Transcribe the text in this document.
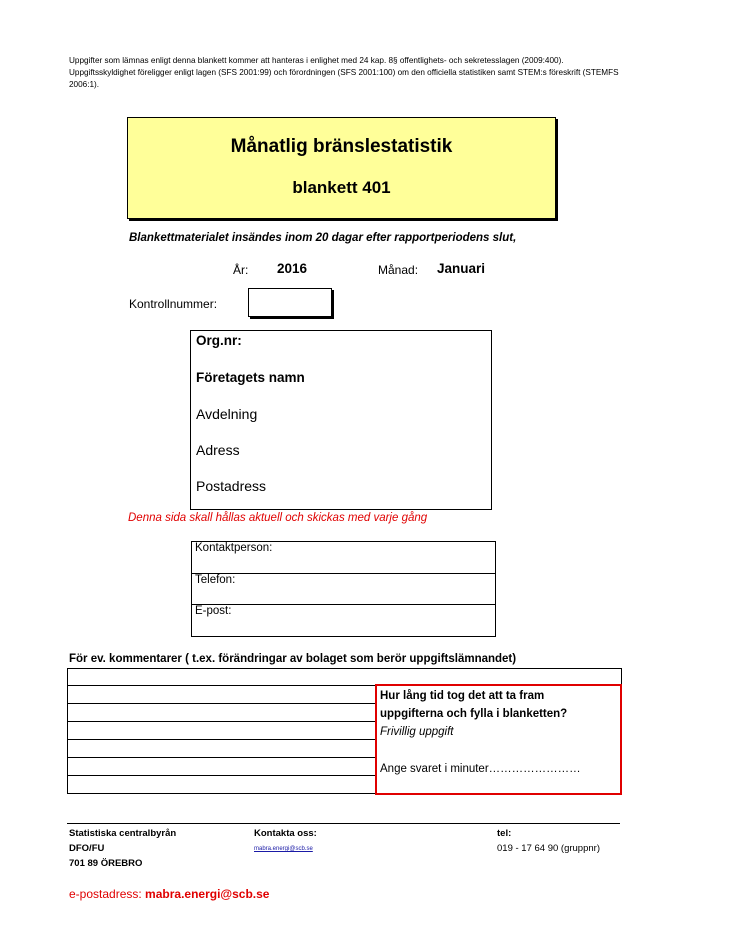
Uppgifter som lämnas enligt denna blankett kommer att hanteras i enlighet med 24 kap. 8§ offentlighets- och sekretesslagen (2009:400). Uppgiftsskyldighet föreligger enligt lagen (SFS 2001:99) och förordningen (SFS 2001:100) om den officiella statistiken samt STEM:s föreskrift (STEMFS 2006:1).
Månatlig bränslestatistik
blankett 401
Blankettmaterialet insändes inom 20 dagar efter rapportperiodens slut,
År: 2016	Månad: Januari
Kontrollnummer:
Org.nr:
Företagets namn
Avdelning
Adress
Postadress
Denna sida skall hållas aktuell och skickas med varje gång
Kontaktperson:
Telefon:
E-post:
För ev. kommentarer ( t.ex. förändringar av bolaget som berör uppgiftslämnandet)
Hur lång tid tog det att ta fram
uppgifterna och fylla i blanketten?
Frivillig uppgift
Ange svaret i minuter……………………
Statistiska centralbyrån
DFO/FU
701 89 ÖREBRO
Kontakta oss:
mabra.energi@scb.se
tel:
019 - 17 64 90 (gruppnr)
e-postadress: mabra.energi@scb.se
